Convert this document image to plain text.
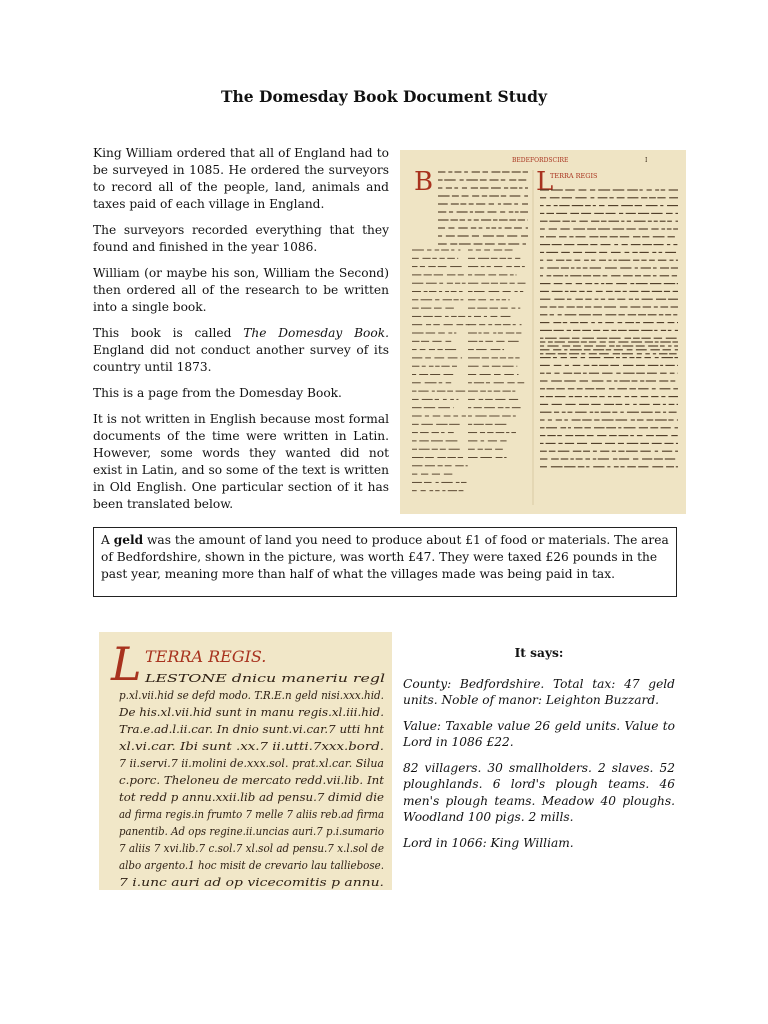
The Domesday Book Document Study

King William ordered that all of England had to be surveyed in 1085. He ordered the surveyors to record all of the people, land, animals and taxes paid of each village in England.

The surveyors recorded everything that they found and finished in the year 1086.

William (or maybe his son, William the Second) then ordered all of the research to be written into a single book.

This book is called The Domesday Book. England did not conduct another survey of its country until 1873.

This is a page from the Domesday Book.

It is not written in English because most formal documents of the time were written in Latin. However, some words they wanted did not exist in Latin, and so some of the text is written in Old English. One particular section of it has been translated below.

BEDEFORDSCIRE	I
B	L
TERRA REGIS
A geld was the amount of land you need to produce about £1 of food or materials. The area of Bedfordshire, shown in the picture, was worth £47. They were taxed £26 pounds in the past year, meaning more than half of what the villages made was being paid in tax.
L TERRA REGIS.
LESTONE dnicu maneriu regl
p.xl.vii.hid se defd modo. T.R.E.n geld nisi.xxx.hid.
De his.xl.vii.hid sunt in manu regis.xl.iii.hid.
Tra.e.ad.l.ii.car. In dnio sunt.vi.car.7 utti hnt
xl.vi.car. Ibi sunt .xx.7 ii.utti.7xxx.bord.
7 ii.servi.7 ii.molini de.xxx.sol. prat.xl.car. Silua
c.porc. Theloneu de mercato redd.vii.lib. Int
tot redd p annu.xxii.lib ad pensu.7 dimid die
ad firma regis.in frumto 7 melle 7 aliis reb.ad firma
panentib. Ad ops regine.ii.uncias auri.7 p.i.sumario
7 aliis 7 xvi.lib.7 c.sol.7 xl.sol ad pensu.7 x.l.sol de
albo argento.1 hoc misit de crevario lau talliebose.
7 i.unc auri ad op vicecomitis p annu.
It says:

County: Bedfordshire. Total tax: 47 geld units. Noble of manor: Leighton Buzzard.

Value: Taxable value 26 geld units. Value to Lord in 1086 £22.

82 villagers. 30 smallholders. 2 slaves. 52 ploughlands. 6 lord's plough teams. 46 men's plough teams. Meadow 40 ploughs. Woodland 100 pigs. 2 mills.

Lord in 1066: King William.
